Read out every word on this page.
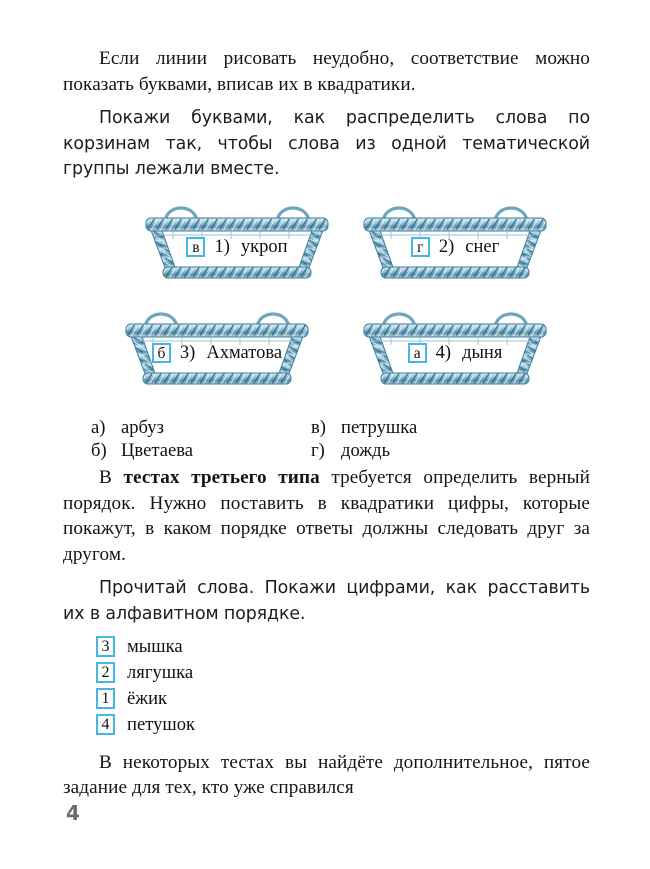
Если линии рисовать неудобно, соответствие можно показать буквами, вписав их в квадратики.

Покажи буквами, как распределить слова по корзинам так, чтобы слова из одной тематической группы лежали вместе.

в 1) укроп	г 2) снег
б 3) Ахматова	а 4) дыня
а) арбуз
б) Цветаева
в) петрушка
г) дождь

В тестах третьего типа требуется определить верный порядок. Нужно поставить в квадратики цифры, которые покажут, в каком порядке ответы должны следовать друг за другом.

Прочитай слова. Покажи цифрами, как расставить их в алфавитном порядке.

3 мышка
2 лягушка
1 ёжик
4 петушок

В некоторых тестах вы найдёте дополнительное, пятое задание для тех, кто уже справился

4
